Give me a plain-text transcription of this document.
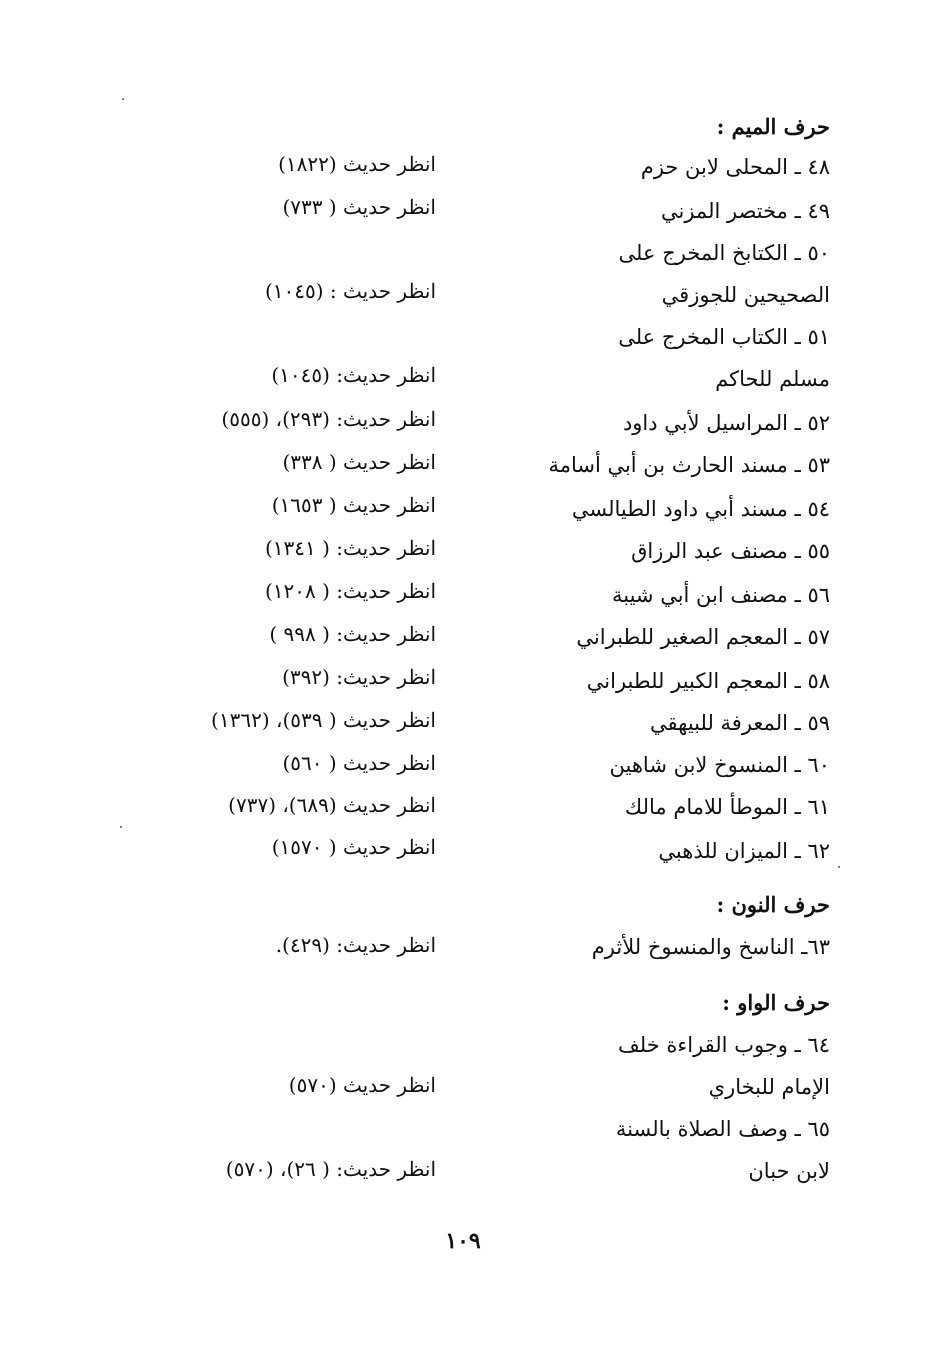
حرف الميم :
٤٨ ـ المحلى لابن حزم
انظر حديث (١٨٢٢)
٤٩ ـ مختصر المزني
انظر حديث ( ٧٣٣)
٥٠ ـ الكتابخ المخرج على
الصحيحين للجوزقي
انظر حديث : (١٠٤٥)
٥١ ـ الكتاب المخرج على
مسلم للحاكم
انظر حديث: (١٠٤٥)
٥٢ ـ المراسيل لأبي داود
انظر حديث: (٢٩٣)، (٥٥٥)
٥٣ ـ مسند الحارث بن أبي أسامة
انظر حديث ( ٣٣٨)
٥٤ ـ مسند أبي داود الطيالسي
انظر حديث ( ١٦٥٣)
٥٥ ـ مصنف عبد الرزاق
انظر حديث: ( ١٣٤١)
٥٦ ـ مصنف ابن أبي شيبة
انظر حديث: ( ١٢٠٨)
٥٧ ـ المعجم الصغير للطبراني
انظر حديث: ( ٩٩٨ )
٥٨ ـ المعجم الكبير للطبراني
انظر حديث: (٣٩٢)
٥٩ ـ المعرفة للبيهقي
انظر حديث ( ٥٣٩)، (١٣٦٢)
٦٠ ـ المنسوخ لابن شاهين
انظر حديث ( ٥٦٠)
٦١ ـ الموطأ للامام مالك
انظر حديث (٦٨٩)، (٧٣٧)
٦٢ ـ الميزان للذهبي
انظر حديث ( ١٥٧٠)
حرف النون :
٦٣ـ الناسخ والمنسوخ للأثرم
انظر حديث: (٤٢٩).
حرف الواو :
٦٤ ـ وجوب القراءة خلف
الإمام للبخاري
انظر حديث (٥٧٠)
٦٥ ـ وصف الصلاة بالسنة
لابن حبان
انظر حديث: ( ٢٦)، (٥٧٠)
١٠٩
